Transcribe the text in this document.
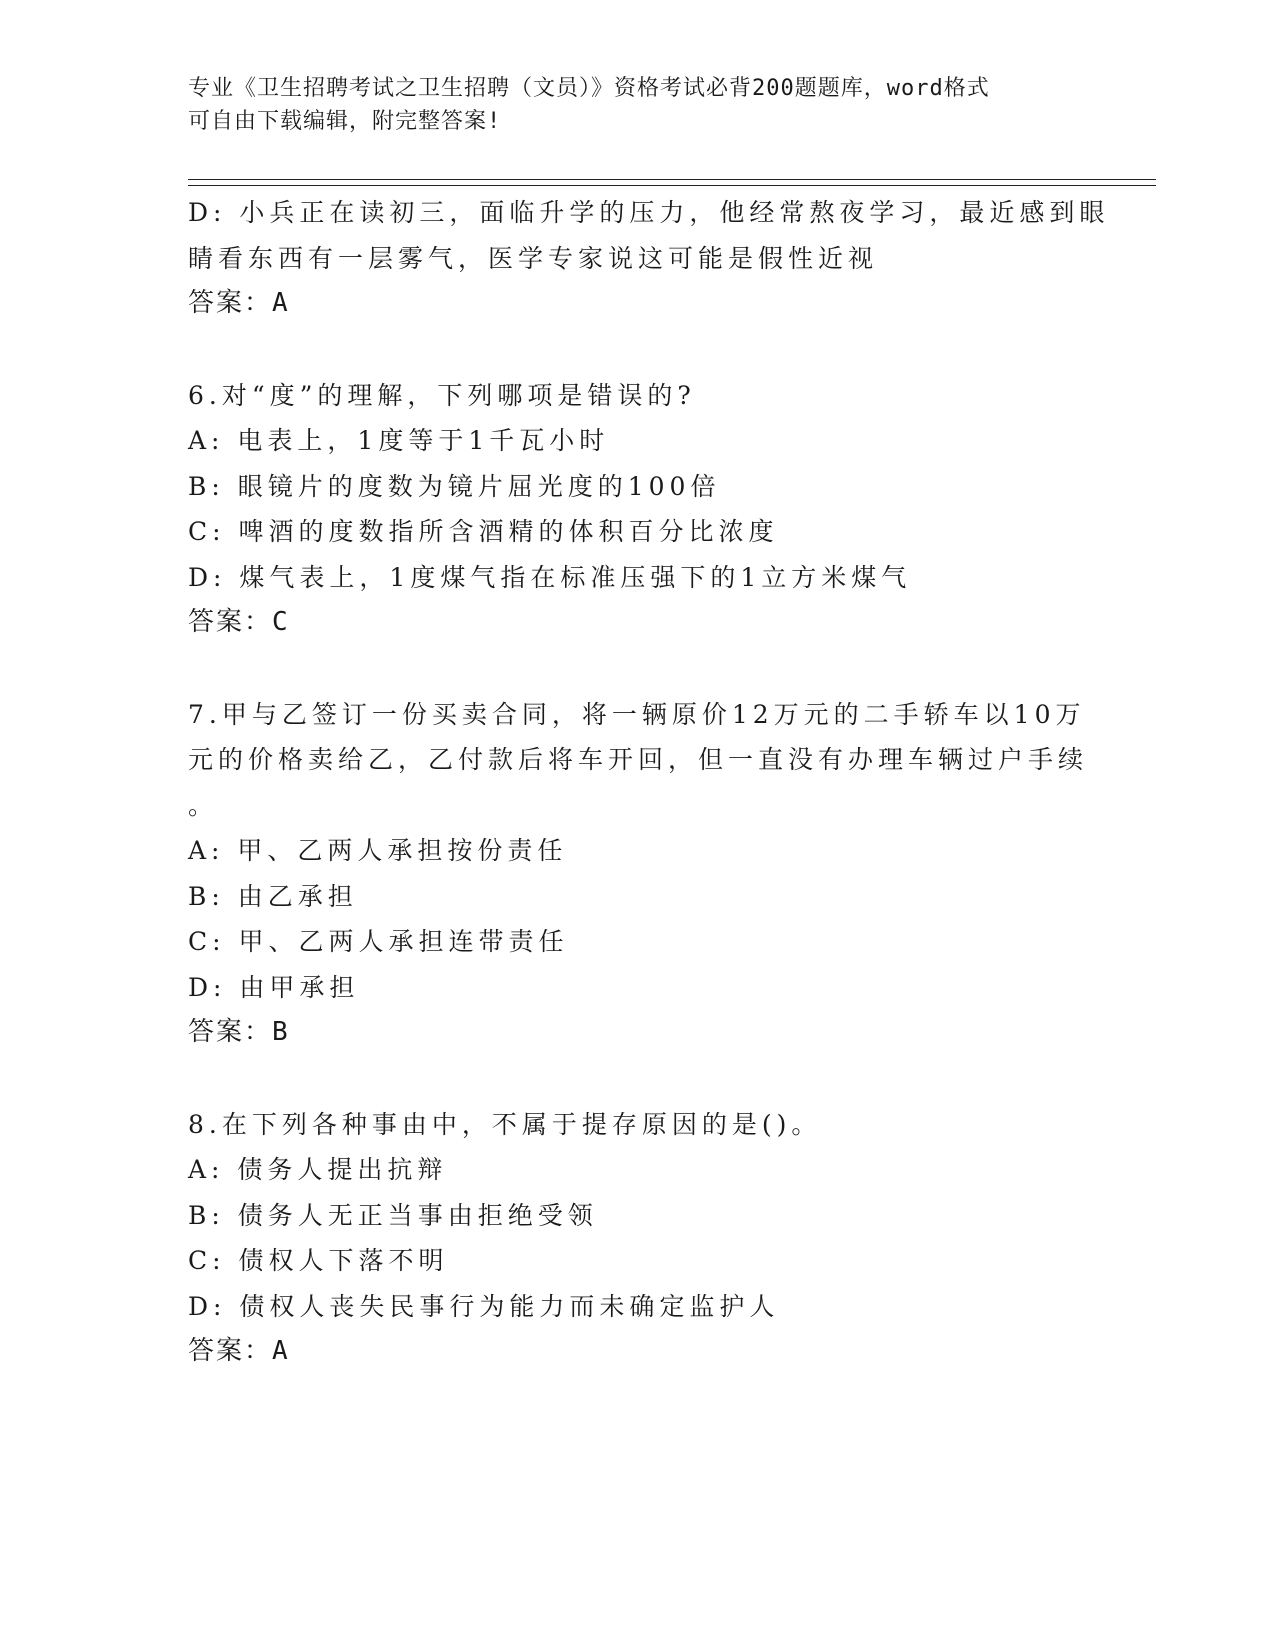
专业《卫生招聘考试之卫生招聘（文员）》资格考试必背200题题库，word格式
可自由下载编辑，附完整答案!
D: 小兵正在读初三，面临升学的压力，他经常熬夜学习，最近感到眼
睛看东西有一层雾气，医学专家说这可能是假性近视
答案：A
6.对“度”的理解，下列哪项是错误的?
A: 电表上，1度等于1千瓦小时
B: 眼镜片的度数为镜片屈光度的100倍
C: 啤酒的度数指所含酒精的体积百分比浓度
D: 煤气表上，1度煤气指在标准压强下的1立方米煤气
答案：C
7.甲与乙签订一份买卖合同，将一辆原价12万元的二手轿车以10万
元的价格卖给乙，乙付款后将车开回，但一直没有办理车辆过户手续
。
A: 甲、乙两人承担按份责任
B: 由乙承担
C: 甲、乙两人承担连带责任
D: 由甲承担
答案：B
8.在下列各种事由中，不属于提存原因的是()。
A: 债务人提出抗辩
B: 债务人无正当事由拒绝受领
C: 债权人下落不明
D: 债权人丧失民事行为能力而未确定监护人
答案：A
